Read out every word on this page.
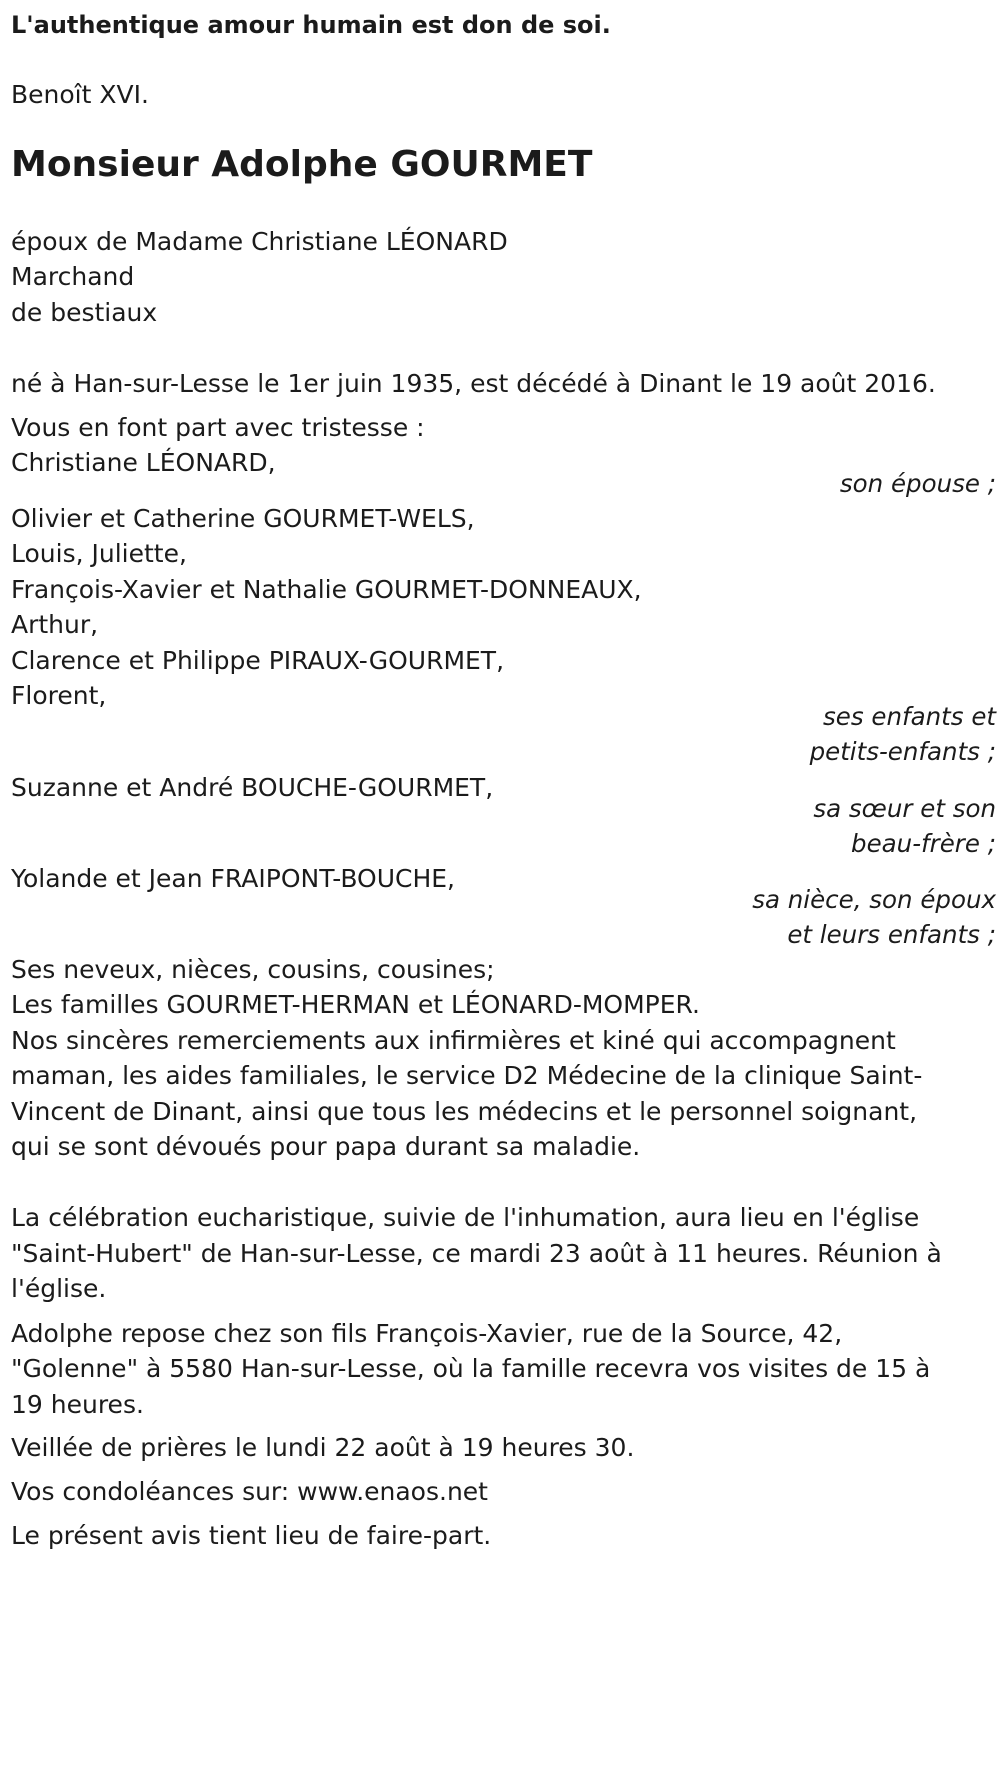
L'authentique amour humain est don de soi.
Benoît XVI.
Monsieur Adolphe GOURMET
époux de Madame Christiane LÉONARD
Marchand
de bestiaux
né à Han-sur-Lesse le 1er juin 1935, est décédé à Dinant le 19 août 2016.
Vous en font part avec tristesse :
Christiane LÉONARD,
son épouse ;
Olivier et Catherine GOURMET-WELS,
Louis, Juliette,
François-Xavier et Nathalie GOURMET-DONNEAUX,
Arthur,
Clarence et Philippe PIRAUX-GOURMET,
Florent,
ses enfants et
petits-enfants ;
Suzanne et André BOUCHE-GOURMET,
sa sœur et son
beau-frère ;
Yolande et Jean FRAIPONT-BOUCHE,
sa nièce, son époux
et leurs enfants ;
Ses neveux, nièces, cousins, cousines;
Les familles GOURMET-HERMAN et LÉONARD-MOMPER.
Nos sincères remerciements aux infirmières et kiné qui accompagnent
maman, les aides familiales, le service D2 Médecine de la clinique Saint-
Vincent de Dinant, ainsi que tous les médecins et le personnel soignant,
qui se sont dévoués pour papa durant sa maladie.
La célébration eucharistique, suivie de l'inhumation, aura lieu en l'église
"Saint-Hubert" de Han-sur-Lesse, ce mardi 23 août à 11 heures. Réunion à
l'église.
Adolphe repose chez son fils François-Xavier, rue de la Source, 42,
"Golenne" à 5580 Han-sur-Lesse, où la famille recevra vos visites de 15 à
19 heures.
Veillée de prières le lundi 22 août à 19 heures 30.
Vos condoléances sur: www.enaos.net
Le présent avis tient lieu de faire-part.
